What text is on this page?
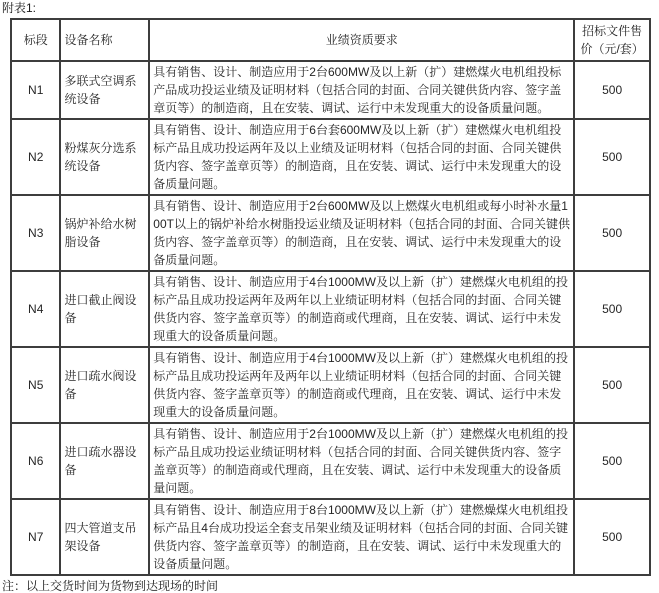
附表1:
标段	设备名称	业绩资质要求	招标文件售价（元/套）
N1	多联式空调系统设备	具有销售、设计、制造应用于2台600MW及以上新（扩）建燃煤火电机组投标产品成功投运业绩及证明材料（包括合同的封面、合同关键供货内容、签字盖章页等）的制造商，且在安装、调试、运行中未发现重大的设备质量问题。	500
N2	粉煤灰分选系统设备	具有销售、设计、制造应用于6台套600MW及以上新（扩）建燃煤火电机组投标产品且成功投运两年及以上业绩及证明材料（包括合同的封面、合同关键供货内容、签字盖章页等）的制造商，且在安装、调试、运行中未发现重大的设备质量问题。	500
N3	锅炉补给水树脂设备	具有销售、设计、制造应用于2台600MW及以上燃煤火电机组或每小时补水量100T以上的锅炉补给水树脂投运业绩及证明材料（包括合同的封面、合同关键供货内容、签字盖章页等）的制造商，且在安装、调试、运行中未发现重大的设备质量问题。	500
N4	进口截止阀设备	具有销售、设计、制造应用于4台1000MW及以上新（扩）建燃煤火电机组的投标产品且成功投运两年及两年以上业绩证明材料（包括合同的封面、合同关键供货内容、签字盖章页等）的制造商或代理商，且在安装、调试、运行中未发现重大的设备质量问题。	500
N5	进口疏水阀设备	具有销售、设计、制造应用于4台1000MW及以上新（扩）建燃煤火电机组的投标产品且成功投运两年及两年以上业绩证明材料（包括合同的封面、合同关键供货内容、签字盖章页等）的制造商或代理商，且在安装、调试、运行中未发现重大的设备质量问题。	500
N6	进口疏水器设备	具有销售、设计、制造应用于2台1000MW及以上新（扩）建燃煤火电机组的投标产品且成功投运业绩证明材料（包括合同的封面、合同关键供货内容、签字盖章页等）的制造商或代理商，且在安装、调试、运行中未发现重大的设备质量问题。	500
N7	四大管道支吊架设备	具有销售、设计、制造应用于8台1000MW及以上新（扩）建燃燥煤火电机组投标产品且4台成功投运全套支吊架业绩及证明材料（包括合同的封面、合同关键供货内容、签字盖章页等）的制造商，且在安装、调试、运行中未发现重大的设备质量问题。	500
注：以上交货时间为货物到达现场的时间
